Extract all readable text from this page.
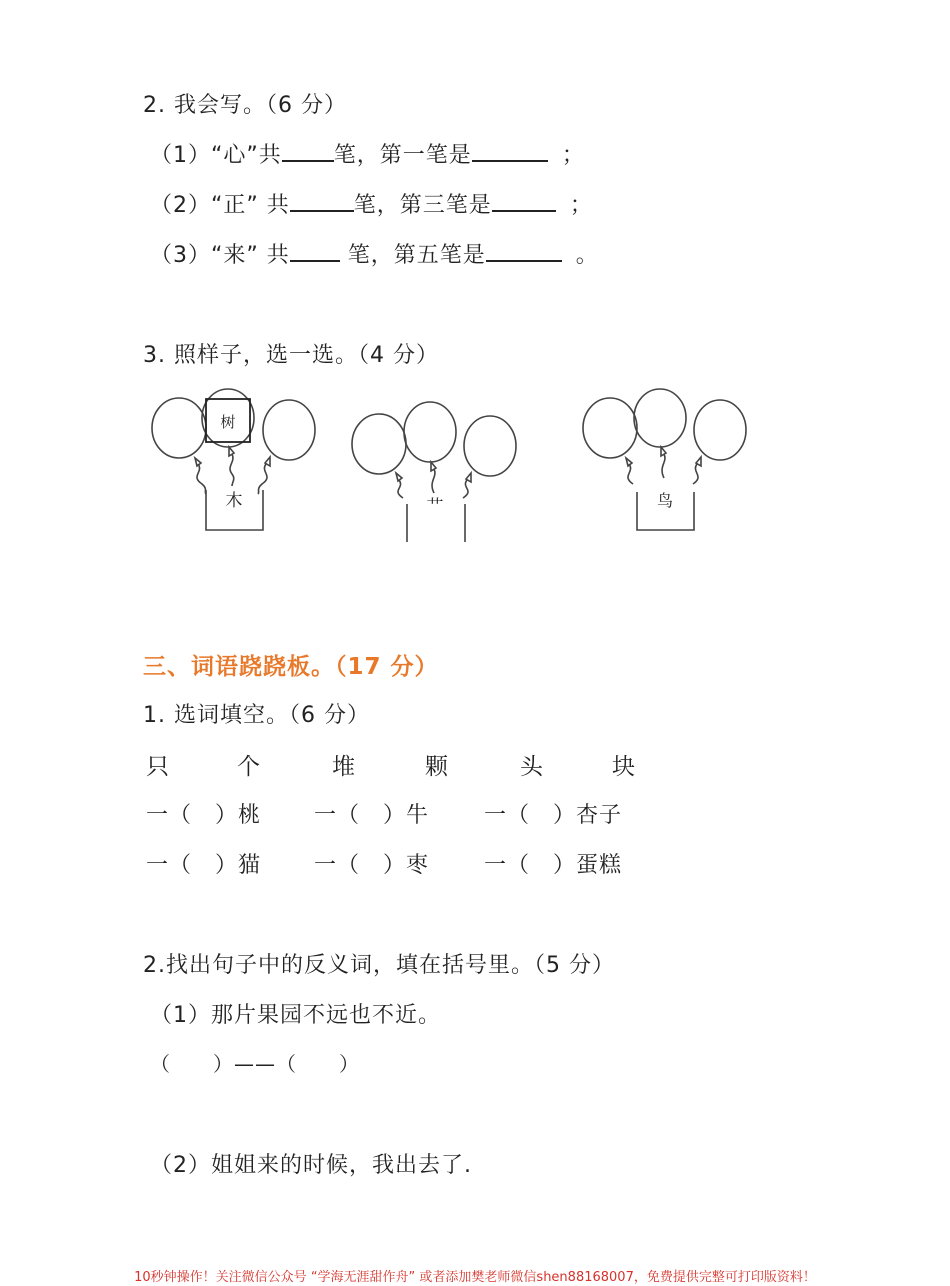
2. 我会写。（6 分）
（1）“心”共 笔，第一笔是	；
（2）“正” 共	笔，第三笔是	；
（3）“来” 共 笔，第五笔是	。
3. 照样子，选一选。（4 分）
树
木	艹	鸟
三、词语跷跷板。（17 分）
1. 选词填空。（6 分）
只	个	堆	颗	头	块
一（　）桃 一（　）牛 一（　）杏子
一（　）猫 一（　）枣 一（　）蛋糕
2.找出句子中的反义词，填在括号里。（5 分）
（1）那片果园不远也不近。
（　　）——（　　）
（2）姐姐来的时候，我出去了.
10秒钟操作！关注微信公众号 “学海无涯甜作舟” 或者添加樊老师微信shen88168007，免费提供完整可打印版资料！
